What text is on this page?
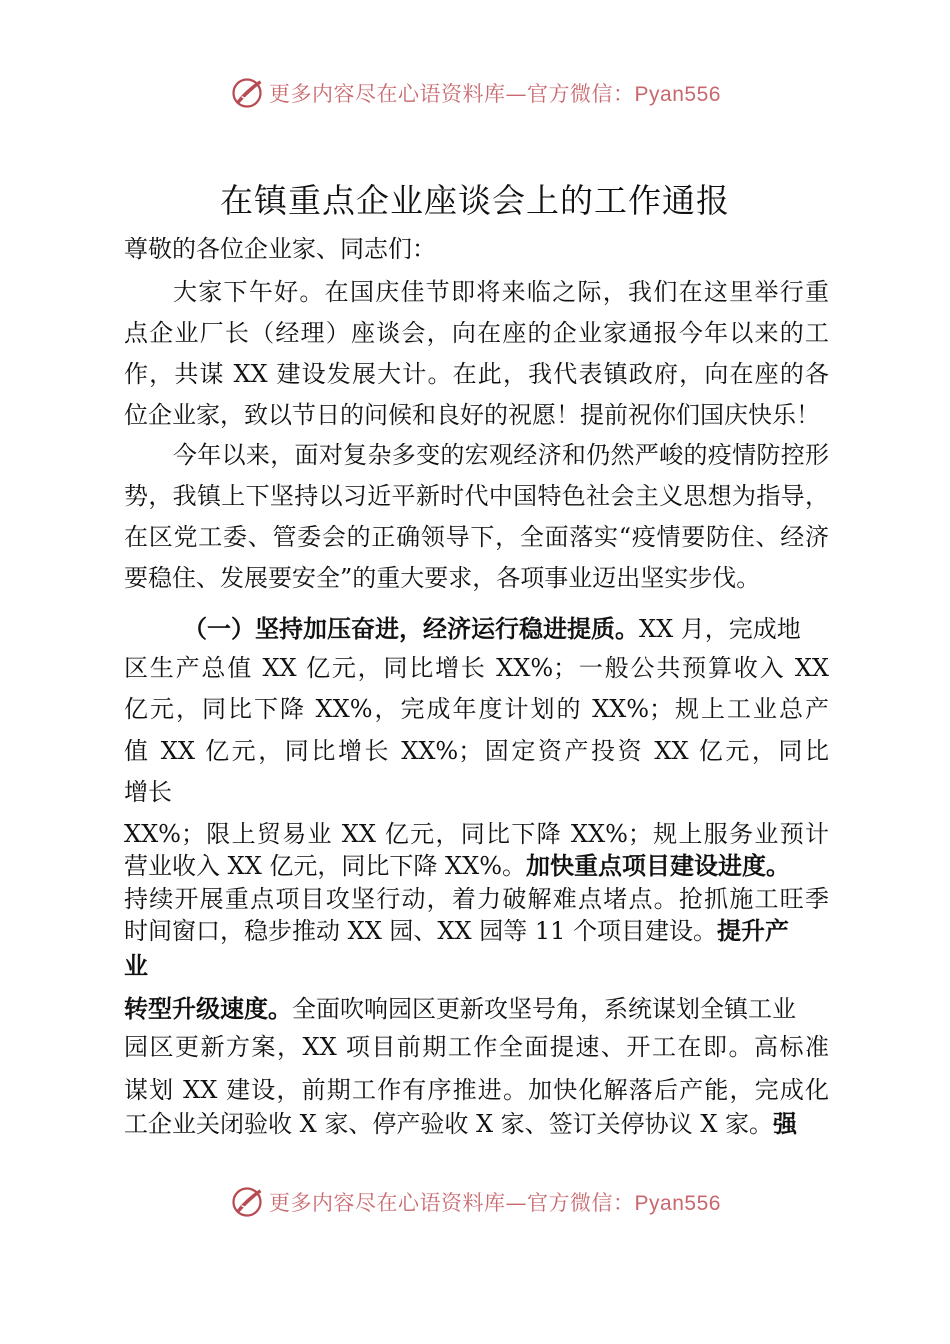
更多内容尽在心语资料库—官方微信：Pyan556
在镇重点企业座谈会上的工作通报
尊敬的各位企业家、同志们：
大家下午好。在国庆佳节即将来临之际，我们在这里举行重
点企业厂长（经理）座谈会，向在座的企业家通报今年以来的工
作，共谋 XX 建设发展大计。在此，我代表镇政府，向在座的各
位企业家，致以节日的问候和良好的祝愿！提前祝你们国庆快乐！
今年以来，面对复杂多变的宏观经济和仍然严峻的疫情防控形
势，我镇上下坚持以习近平新时代中国特色社会主义思想为指导，
在区党工委、管委会的正确领导下，全面落实“疫情要防住、经济
要稳住、发展要安全”的重大要求，各项事业迈出坚实步伐。
（一）坚持加压奋进，经济运行稳进提质。XX 月，完成地
区生产总值 XX 亿元，同比增长 XX%；一般公共预算收入 XX
亿元，同比下降 XX%，完成年度计划的 XX%；规上工业总产
值 XX 亿元，同比增长 XX%；固定资产投资 XX 亿元，同比
增长
XX%；限上贸易业 XX 亿元，同比下降 XX%；规上服务业预计
营业收入 XX 亿元，同比下降 XX%。加快重点项目建设进度。
持续开展重点项目攻坚行动，着力破解难点堵点。抢抓施工旺季
时间窗口，稳步推动 XX 园、XX 园等 11 个项目建设。提升产
业
转型升级速度。全面吹响园区更新攻坚号角，系统谋划全镇工业
园区更新方案，XX 项目前期工作全面提速、开工在即。高标准
谋划 XX 建设，前期工作有序推进。加快化解落后产能，完成化
工企业关闭验收 X 家、停产验收 X 家、签订关停协议 X 家。强
更多内容尽在心语资料库—官方微信：Pyan556
